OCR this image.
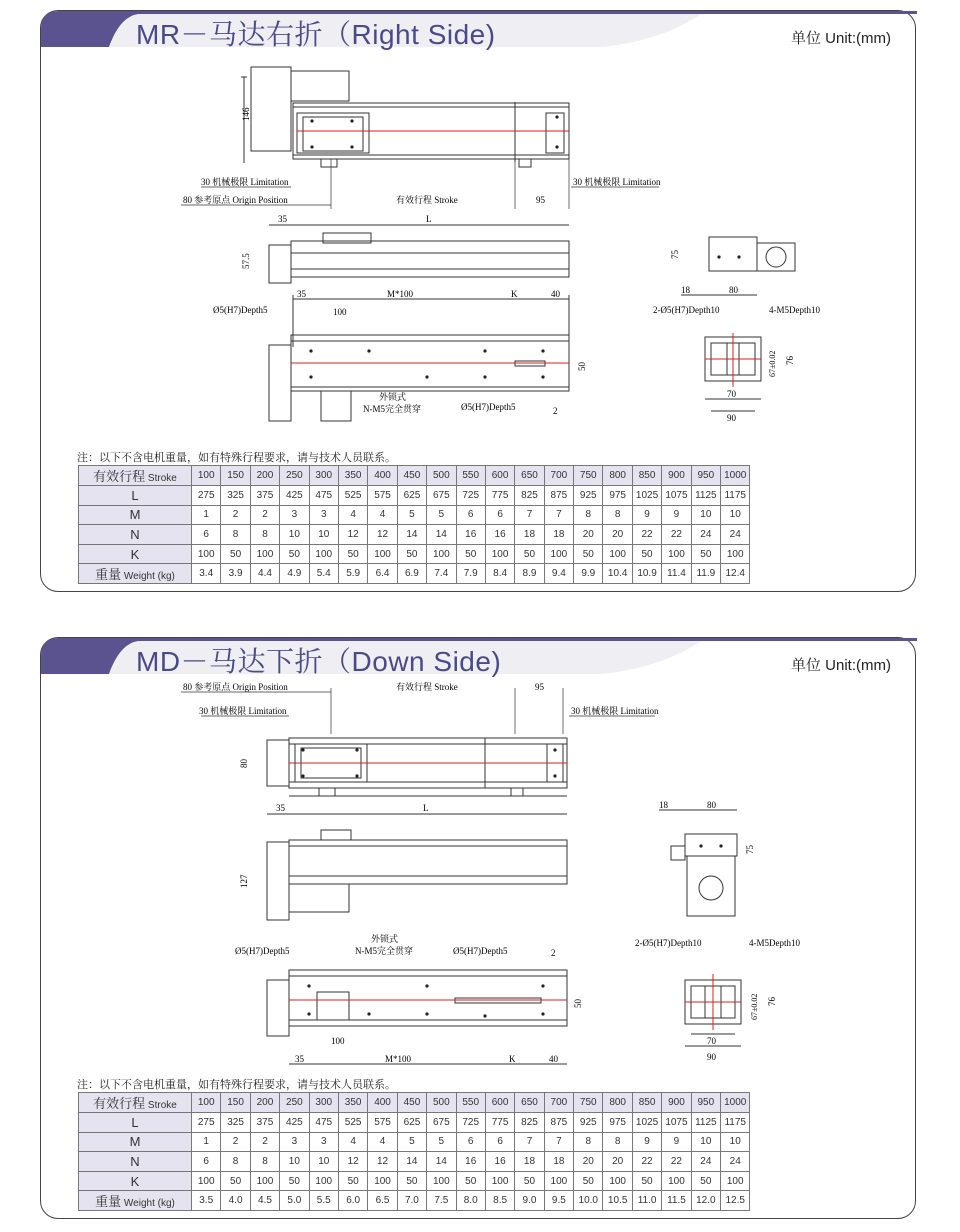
MR－马达右折（Right Side)	单位 Unit:(mm)
146
30 机械极限 Limitation
80 参考原点 Origin Position	有效行程 Stroke	95
30 机械极限 Limitation
35	L
57.5
35	M*100	K	40
100
50
Ø5(H7)Depth5
外锁式
N-M5完全贯穿	Ø5(H7)Depth5	2
75
18	80
2-Ø5(H7)Depth10	4-M5Depth10
67±0.02 76
70
90
注：以下不含电机重量，如有特殊行程要求，请与技术人员联系。
有效行程 Stroke	100	150	200	250	300	350	400	450	500	550	600	650	700	750	800	850	900	950	1000
L	275	325	375	425	475	525	575	625	675	725	775	825	875	925	975	1025	1075	1125	1175
M	1	2	2	3	3	4	4	5	5	6	6	7	7	8	8	9	9	10	10
N	6	8	8	10	10	12	12	14	14	16	16	18	18	20	20	22	22	24	24
K	100	50	100	50	100	50	100	50	100	50	100	50	100	50	100	50	100	50	100
重量 Weight (kg)	3.4	3.9	4.4	4.9	5.4	5.9	6.4	6.9	7.4	7.9	8.4	8.9	9.4	9.9	10.4	10.9	11.4	11.9	12.4
MD－马达下折（Down Side)	单位 Unit:(mm)
80 参考原点 Origin Position	有效行程 Stroke	95
30 机械极限 Limitation	30 机械极限 Limitation
80
35	L
127
外锁式
N-M5完全贯穿
Ø5(H7)Depth5	Ø5(H7)Depth5	2
50
100
35	M*100	K	40
18	80
75
2-Ø5(H7)Depth10	4-M5Depth10
67±0.02 76
70
90
注：以下不含电机重量，如有特殊行程要求，请与技术人员联系。
有效行程 Stroke	100	150	200	250	300	350	400	450	500	550	600	650	700	750	800	850	900	950	1000
L	275	325	375	425	475	525	575	625	675	725	775	825	875	925	975	1025	1075	1125	1175
M	1	2	2	3	3	4	4	5	5	6	6	7	7	8	8	9	9	10	10
N	6	8	8	10	10	12	12	14	14	16	16	18	18	20	20	22	22	24	24
K	100	50	100	50	100	50	100	50	100	50	100	50	100	50	100	50	100	50	100
重量 Weight (kg)	3.5	4.0	4.5	5.0	5.5	6.0	6.5	7.0	7.5	8.0	8.5	9.0	9.5	10.0	10.5	11.0	11.5	12.0	12.5
